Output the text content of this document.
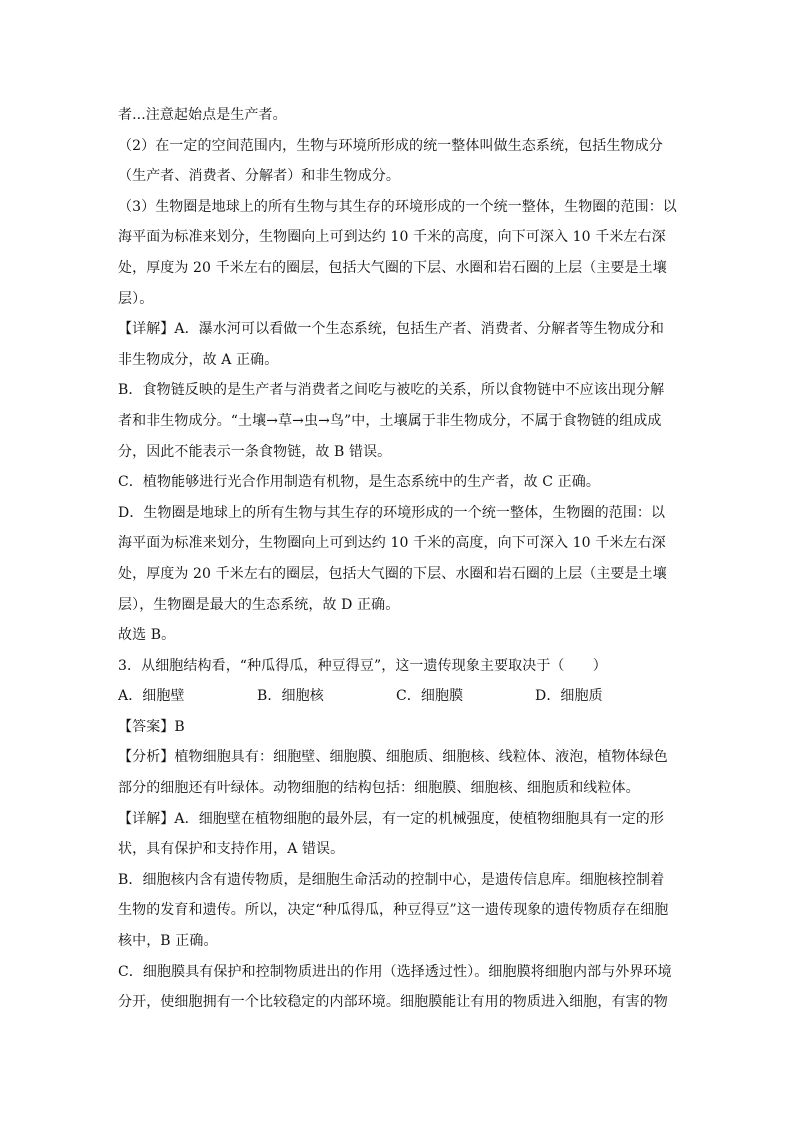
者...注意起始点是生产者。
（2）在一定的空间范围内，生物与环境所形成的统一整体叫做生态系统，包括生物成分
（生产者、消费者、分解者）和非生物成分。
（3）生物圈是地球上的所有生物与其生存的环境形成的一个统一整体，生物圈的范围：以
海平面为标准来划分，生物圈向上可到达约 10 千米的高度，向下可深入 10 千米左右深
处，厚度为 20 千米左右的圈层，包括大气圈的下层、水圈和岩石圈的上层（主要是土壤
层）。
【详解】A．瀑水河可以看做一个生态系统，包括生产者、消费者、分解者等生物成分和
非生物成分，故 A 正确。
B．食物链反映的是生产者与消费者之间吃与被吃的关系，所以食物链中不应该出现分解
者和非生物成分。“土壤→草→虫→鸟”中，土壤属于非生物成分，不属于食物链的组成成
分，因此不能表示一条食物链，故 B 错误。
C．植物能够进行光合作用制造有机物，是生态系统中的生产者，故 C 正确。
D．生物圈是地球上的所有生物与其生存的环境形成的一个统一整体，生物圈的范围：以
海平面为标准来划分，生物圈向上可到达约 10 千米的高度，向下可深入 10 千米左右深
处，厚度为 20 千米左右的圈层，包括大气圈的下层、水圈和岩石圈的上层（主要是土壤
层），生物圈是最大的生态系统，故 D 正确。
故选 B。
3．从细胞结构看，“种瓜得瓜，种豆得豆”，这一遗传现象主要取决于（　　）
A．细胞壁	B．细胞核	C．细胞膜	D．细胞质
【答案】B
【分析】植物细胞具有：细胞壁、细胞膜、细胞质、细胞核、线粒体、液泡，植物体绿色
部分的细胞还有叶绿体。动物细胞的结构包括：细胞膜、细胞核、细胞质和线粒体。
【详解】A．细胞壁在植物细胞的最外层，有一定的机械强度，使植物细胞具有一定的形
状，具有保护和支持作用，A 错误。
B．细胞核内含有遗传物质，是细胞生命活动的控制中心，是遗传信息库。细胞核控制着
生物的发育和遗传。所以，决定“种瓜得瓜，种豆得豆”这一遗传现象的遗传物质存在细胞
核中，B 正确。
C．细胞膜具有保护和控制物质进出的作用（选择透过性）。细胞膜将细胞内部与外界环境
分开，使细胞拥有一个比较稳定的内部环境。细胞膜能让有用的物质进入细胞，有害的物
